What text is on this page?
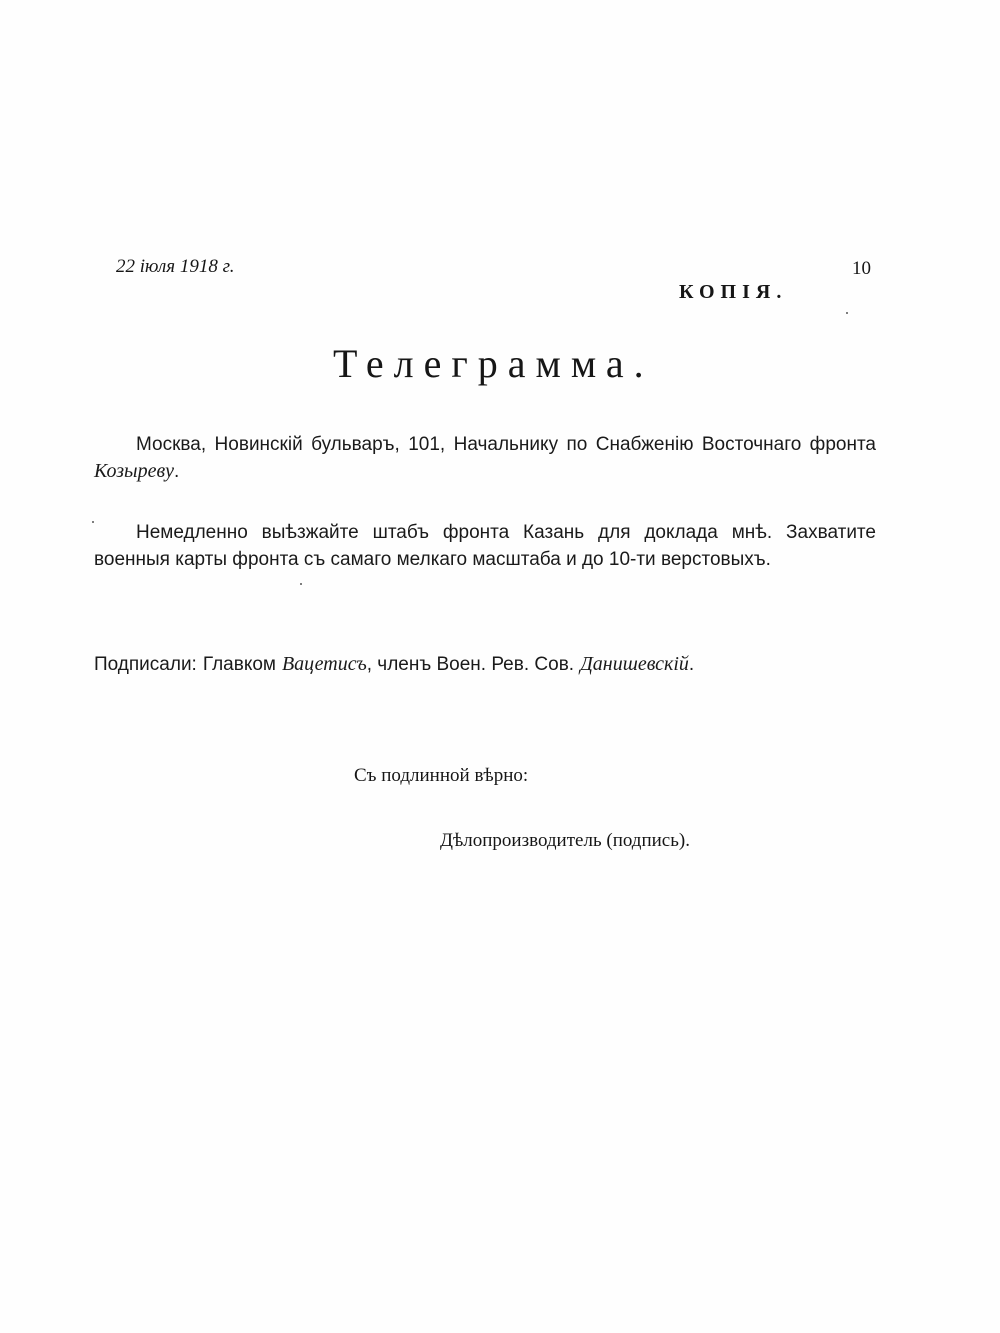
22 іюля 1918 г.	10
КОПІЯ.
Телеграмма.
Москва, Новинскій бульваръ, 101, Начальнику по Снабженію Восточнаго фронта Козыреву.
Немедленно выѣзжайте штабъ фронта Казань для доклада мнѣ. Захватите военныя карты фронта съ самаго мелкаго масштаба и до 10-ти верстовыхъ.
Подписали: Главком Вацетисъ, членъ Воен. Рев. Сов. Данишевскій.
Съ подлинной вѣрно:
Дѣлопроизводитель (подпись).
